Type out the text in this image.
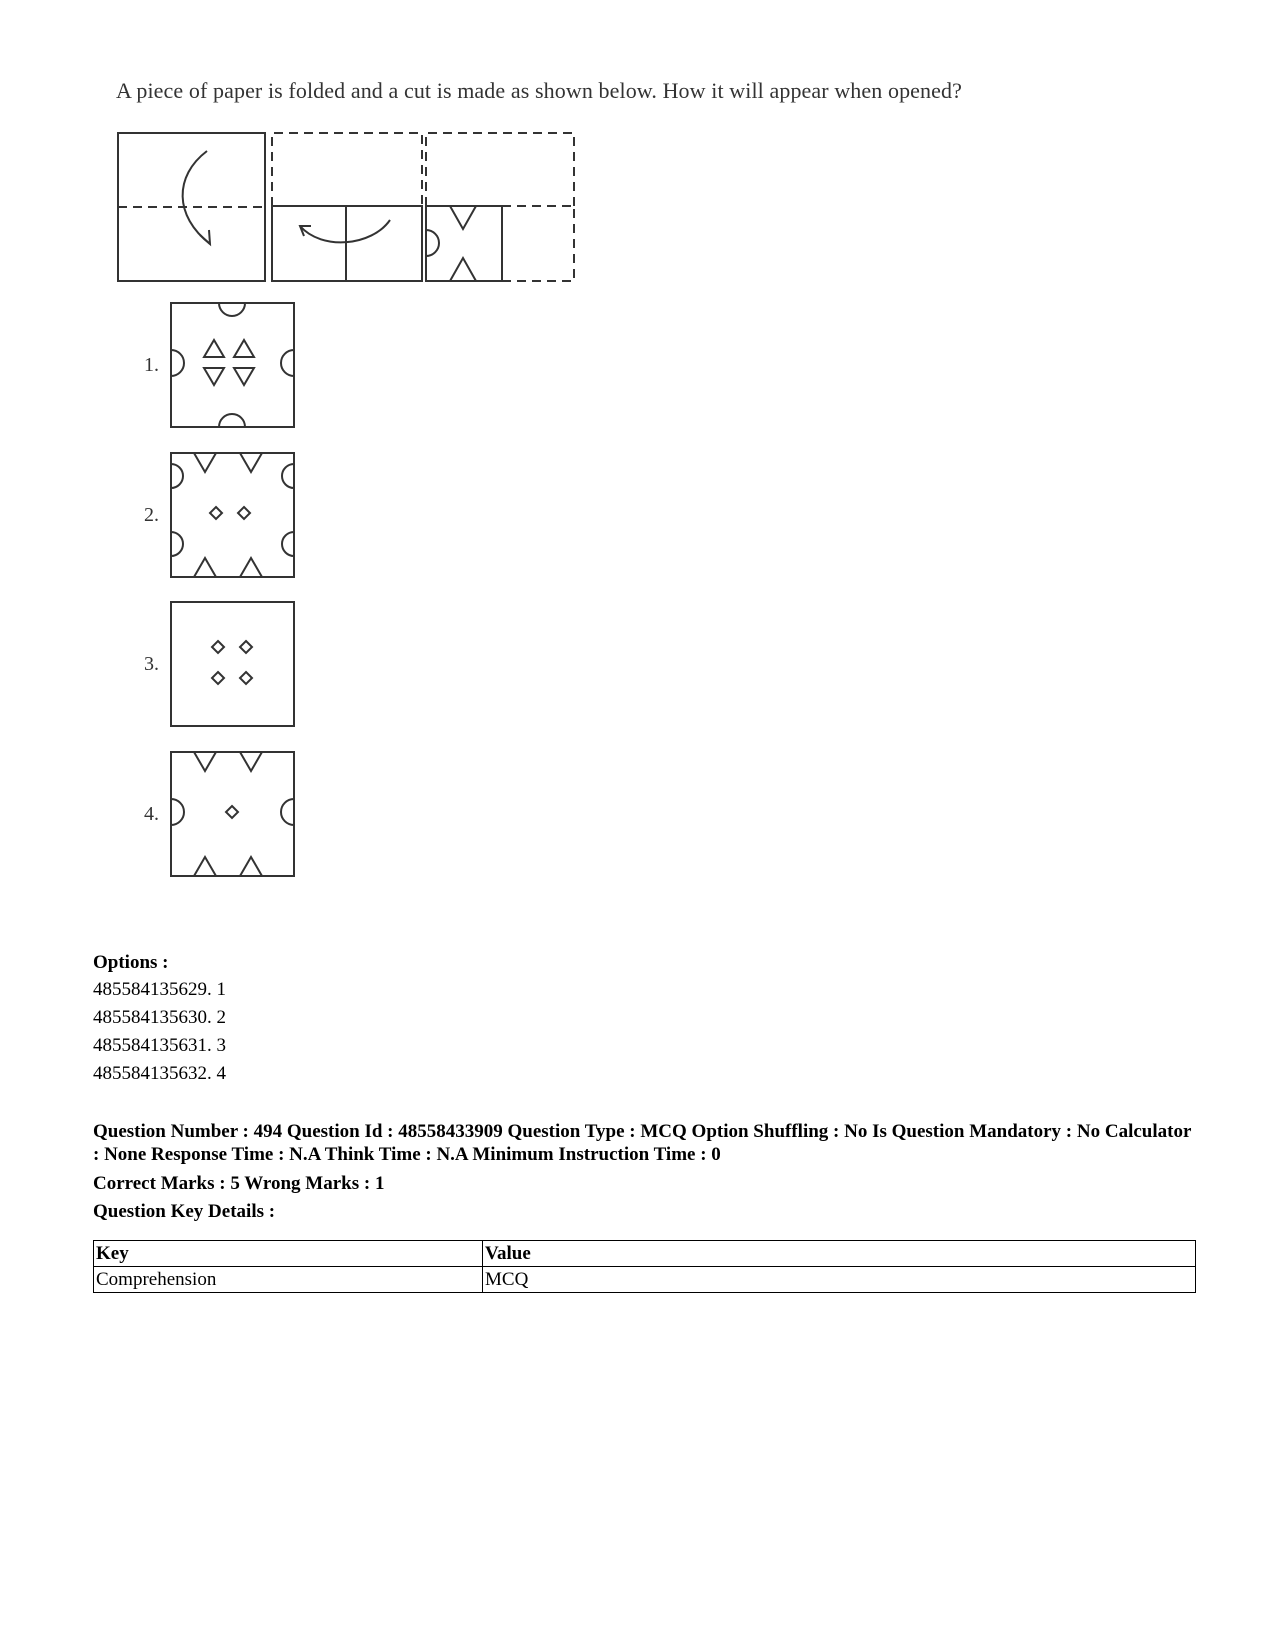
A piece of paper is folded and a cut is made as shown below. How it will appear when opened?
1.
2.
3.
4.
Options :
485584135629. 1
485584135630. 2
485584135631. 3
485584135632. 4
Question Number : 494 Question Id : 48558433909 Question Type : MCQ Option Shuffling : No Is Question Mandatory : No Calculator : None Response Time : N.A Think Time : N.A Minimum Instruction Time : 0
Correct Marks : 5 Wrong Marks : 1
Question Key Details :
Key	Value
Comprehension	MCQ
